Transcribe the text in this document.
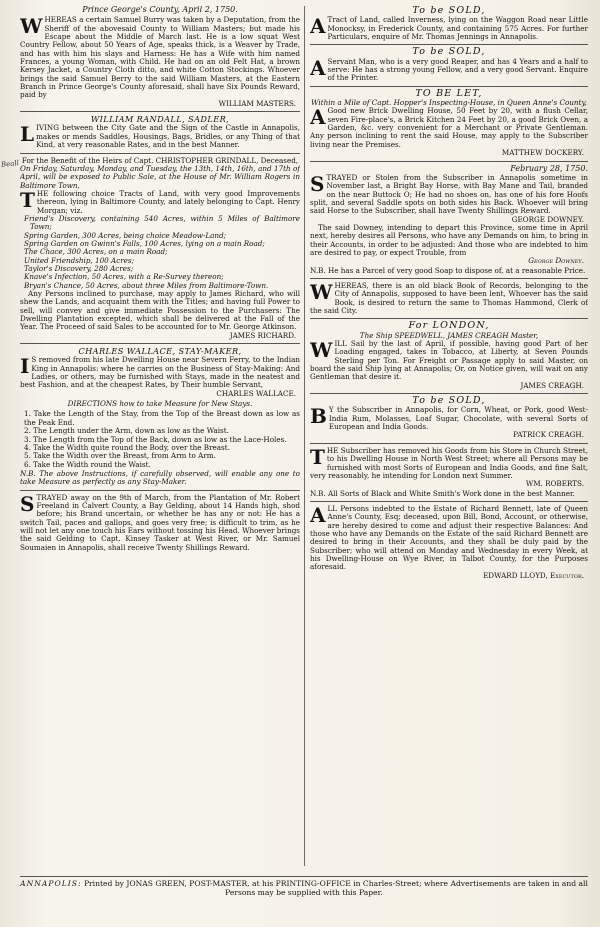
Prince George's County, April 2, 1750.
W HEREAS a certain Samuel Burry was taken by a Deputation, from the Sheriff of the abovesaid County to William Masters; but made his Escape about the Middle of March last. He is a low squat West Country Fellow, about 50 Years of Age, speaks thick, is a Weaver by Trade, and has with him his slays and Harness: He has a Wife with him named Frances, a young Woman, with Child. He had on an old Felt Hat, a brown Kersey Jacket, a Country Cloth ditto, and white Cotton Stockings. Whoever brings the said Samuel Berry to the said William Masters, at the Eastern Branch in Prince George's County aforesaid, shall have Six Pounds Reward, paid by

WILLIAM MASTERS.
WILLIAM RANDALL, SADLER,
L IVING between the City Gate and the Sign of the Castle in Annapolis, makes or mends Saddles, Housings, Bags, Bridles, or any Thing of that Kind, at very reasonable Rates, and in the best Manner.

For the Benefit of the Heirs of Capt. CHRISTOPHER GRINDALL, Deceased,

On Friday, Saturday, Monday, and Tuesday, the 13th, 14th, 16th, and 17th of April, will be exposed to Public Sale, at the House of Mr. William Rogers in Baltimore Town,

T HE following choice Tracts of Land, with very good Improvements thereon, lying in Baltimore County, and lately belonging to Capt. Henry Morgan; viz.

Friend's Discovery, containing 540 Acres, within 5 Miles of Baltimore Town;
Spring Garden, 300 Acres, being choice Meadow-Land;
Spring Garden on Gwinn's Falls, 100 Acres, lying on a main Road;
The Chace, 300 Acres, on a main Road;
United Friendship, 100 Acres;
Taylor's Discovery, 280 Acres;
Knave's Infection, 50 Acres, with a Re-Survey thereon;
Bryan's Chance, 50 Acres, about three Miles from Baltimore-Town.

Any Persons inclined to purchase, may apply to James Richard, who will shew the Lands, and acquaint them with the Titles; and having full Power to sell, will convey and give immediate Possession to the Purchasers: The Dwelling Plantation excepted, which shall be delivered at the Fall of the Year. The Proceed of said Sales to be accounted for to Mr. George Atkinson.

JAMES RICHARD.
CHARLES WALLACE, STAY-MAKER,
I S removed from his late Dwelling House near Severn Ferry, to the Indian King in Annapolis: where he carries on the Business of Stay-Making: And Ladies, or others, may be furnished with Stays, made in the neatest and best Fashion, and at the cheapest Rates, by Their humble Servant,

CHARLES WALLACE.
DIRECTIONS how to take Measure for New Stays.
1. Take the Length of the Stay, from the Top of the Breast down as low as the Peak End.
2. The Length under the Arm, down as low as the Waist.
3. The Length from the Top of the Back, down as low as the Lace-Holes.
4. Take the Width quite round the Body, over the Breast.
5. Take the Width over the Breast, from Arm to Arm.
6. Take the Width round the Waist.

N.B. The above Instructions, if carefully observed, will enable any one to take Measure as perfectly as any Stay-Maker.

S TRAYED away on the 9th of March, from the Plantation of Mr. Robert Freeland in Calvert County, a Bay Gelding, about 14 Hands high, shod before; his Brand uncertain, or whether he has any or not: He has a switch Tail, paces and gallops, and goes very free; is difficult to trim, as he will not let any one touch his Ears without tossing his Head. Whoever brings the said Gelding to Capt. Kinsey Tasker at West River, or Mr. Samuel Soumaien in Annapolis, shall receive Twenty Shillings Reward.

Beall
To be SOLD,
A Tract of Land, called Inverness, lying on the Waggon Road near Little Monocksy, in Frederick County, and containing 575 Acres. For further Particulars, enquire of Mr. Thomas Jennings in Annapolis.

To be SOLD,
A Servant Man, who is a very good Reaper, and has 4 Years and a half to serve: He has a strong young Fellow, and a very good Servant. Enquire of the Printer.

TO BE LET,
Within a Mile of Capt. Hopper's Inspecting-House, in Queen Anne's County,
A Good new Brick Dwelling House, 50 Feet by 20, with a flush Cellar, seven Fire-place's, a Brick Kitchen 24 Feet by 20, a good Brick Oven, a Garden, &c. very convenient for a Merchant or Private Gentleman. Any person inclining to rent the said House, may apply to the Subscriber living near the Premises.

MATTHEW DOCKERY.
February 28, 1750.
S TRAYED or Stolen from the Subscriber in Annapolis sometime in November last, a Bright Bay Horse, with Bay Mane and Tail, branded on the near Buttock O; He had no shoes on, has one of his fore Hoofs split, and several Saddle spots on both sides his Back. Whoever will bring said Horse to the Subscriber, shall have Twenty Shillings Reward.

GEORGE DOWNEY.

The said Downey, intending to depart this Province, some time in April next, hereby desires all Persons, who have any Demands on him, to bring in their Accounts, in order to be adjusted: And those who are indebted to him are desired to pay, or expect Trouble, from

George Downey.

N.B. He has a Parcel of very good Soap to dispose of, at a reasonable Price.

W HEREAS, there is an old black Book of Records, belonging to the City of Annapolis, supposed to have been lent, Whoever has the said Book, is desired to return the same to Thomas Hammond, Clerk of the said City.

For LONDON,
The Ship SPEEDWELL, JAMES CREAGH Master,
W ILL Sail by the last of April, if possible, having good Part of her Loading engaged, takes in Tobacco, at Liberty, at Seven Pounds Sterling per Ton. For Freight or Passage apply to said Master, on board the said Ship lying at Annapolis; Or, on Notice given, will wait on any Gentleman that desire it.

JAMES CREAGH.
To be SOLD,
B Y the Subscriber in Annapolis, for Corn, Wheat, or Pork, good West-India Rum, Molasses, Loaf Sugar, Chocolate, with several Sorts of European and India Goods.

PATRICK CREAGH.
T HE Subscriber has removed his Goods from his Store in Church Street, to his Dwelling House in North West Street; where all Persons may be furnished with most Sorts of European and India Goods, and fine Salt, very reasonably, he intending for London next Summer.

WM. ROBERTS.

N.B. All Sorts of Black and White Smith's Work done in the best Manner.

A LL Persons indebted to the Estate of Richard Bennett, late of Queen Anne's County, Esq; deceased, upon Bill, Bond, Account, or otherwise, are hereby desired to come and adjust their respective Balances: And those who have any Demands on the Estate of the said Richard Bennett are desired to bring in their Accounts, and they shall be duly paid by the Subscriber; who will attend on Monday and Wednesday in every Week, at his Dwelling-House on Wye River, in Talbot County, for the Purposes aforesaid.

EDWARD LLOYD, Executor.
ANNAPOLIS: Printed by JONAS GREEN, POST-MASTER, at his PRINTING-OFFICE in Charles-Street; where Advertisements are taken in and all Persons may be supplied with this Paper.
